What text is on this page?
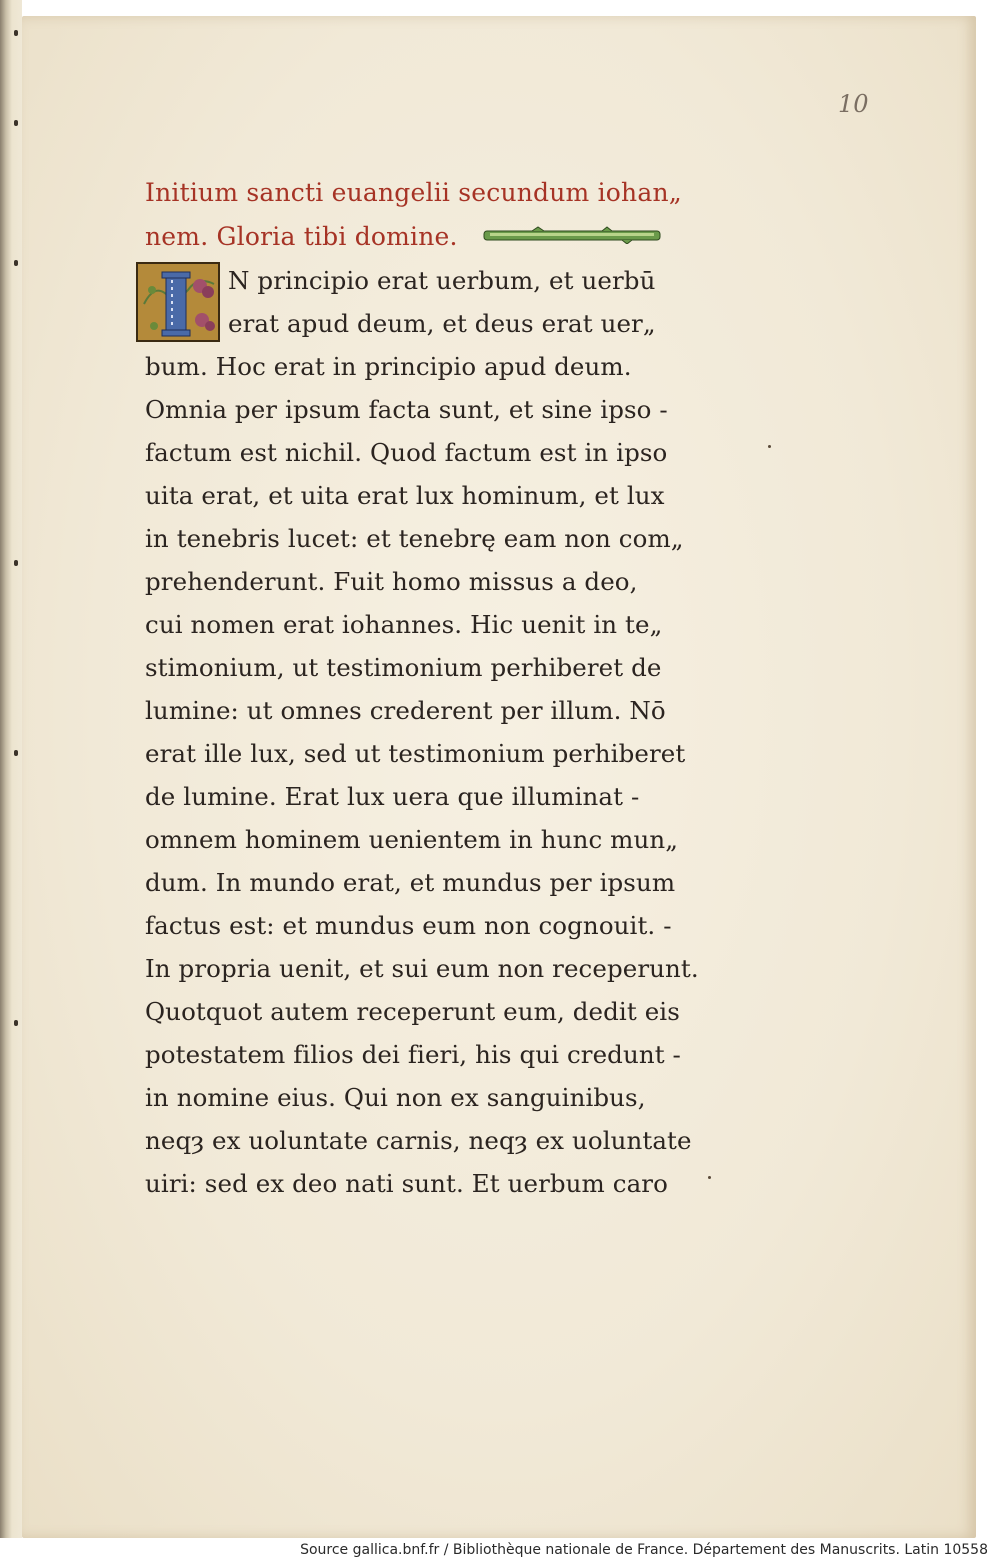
10
Initium sancti euangelii secundum iohan„
nem. Gloria tibi domine.
N principio erat uerbum, et uerbū
erat apud deum, et deus erat uer„
bum. Hoc erat in principio apud deum.
Omnia per ipsum facta sunt, et sine ipso -
factum est nichil. Quod factum est in ipso
uita erat, et uita erat lux hominum, et lux
in tenebris lucet: et tenebrę eam non com„
prehenderunt. Fuit homo missus a deo,
cui nomen erat iohannes. Hic uenit in te„
stimonium, ut testimonium perhiberet de
lumine: ut omnes crederent per illum. Nō
erat ille lux, sed ut testimonium perhiberet
de lumine. Erat lux uera que illuminat -
omnem hominem uenientem in hunc mun„
dum. In mundo erat, et mundus per ipsum
factus est: et mundus eum non cognouit. -
In propria uenit, et sui eum non receperunt.
Quotquot autem receperunt eum, dedit eis
potestatem filios dei fieri, his qui credunt -
in nomine eius. Qui non ex sanguinibus,
neqȝ ex uoluntate carnis, neqȝ ex uoluntate
uiri: sed ex deo nati sunt. Et uerbum caro
Source gallica.bnf.fr / Bibliothèque nationale de France. Département des Manuscrits. Latin 10558
